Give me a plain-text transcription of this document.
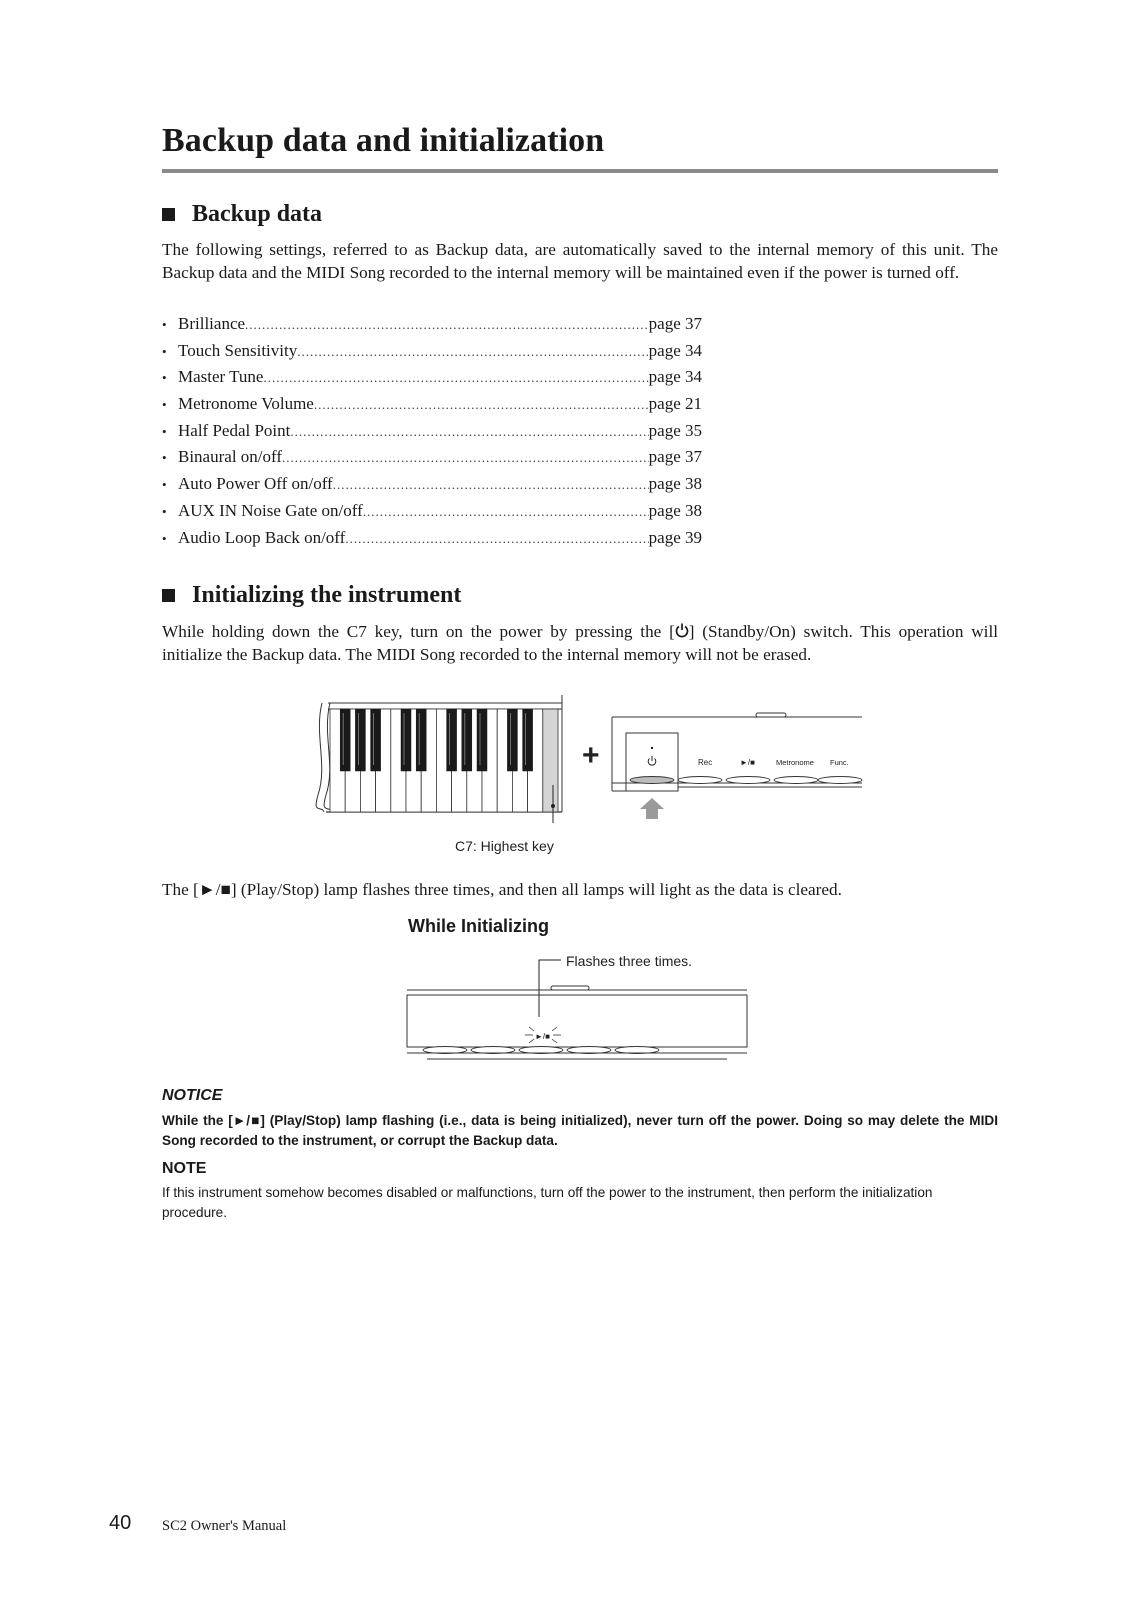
Backup data and initialization
Backup data

The following settings, referred to as Backup data, are automatically saved to the internal memory of this unit. The Backup data and the MIDI Song recorded to the internal memory will be maintained even if the power is turned off.

• Brilliance .....	page 37
• Touch Sensitivity .....	page 34
• Master Tune .....	page 34
• Metronome Volume .....	page 21
• Half Pedal Point .....	page 35
• Binaural on/off .....	page 37
• Auto Power Off on/off .....	page 38
• AUX IN Noise Gate on/off .....	page 38
• Audio Loop Back on/off .....	page 39
Initializing the instrument

While holding down the C7 key, turn on the power by pressing the [ ] (Standby/On) switch. This operation will initialize the Backup data. The MIDI Song recorded to the internal memory will not be erased.

+	Rec	►/■	Metronome Func.
C7: Highest key

The [►/■] (Play/Stop) lamp flashes three times, and then all lamps will light as the data is cleared.

While Initializing
Flashes three times.
►/■
NOTICE

While the [►/■] (Play/Stop) lamp flashing (i.e., data is being initialized), never turn off the power. Doing so may delete the MIDI Song recorded to the instrument, or corrupt the Backup data.

NOTE

If this instrument somehow becomes disabled or malfunctions, turn off the power to the instrument, then perform the initialization procedure.

40 SC2 Owner's Manual
